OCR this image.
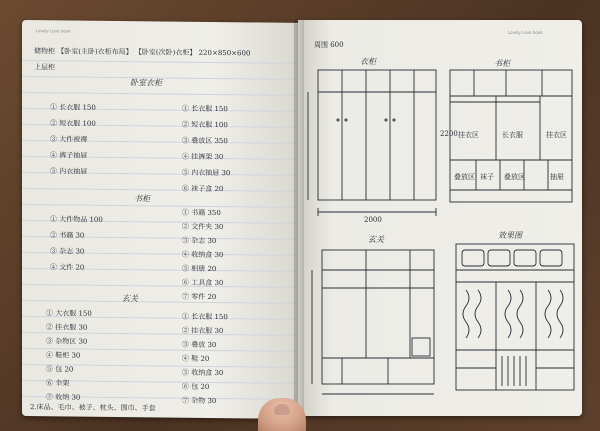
Lovely Love book
储物柜 【卧室(主卧)衣柜布局】 【卧室(次卧)衣柜】 220×850×600
上层柜
卧室衣柜
① 长衣服 150
② 短衣服 100
③ 大件被褥
④ 裤子抽屉
⑤ 内衣抽屉
① 长衣服 150
② 短衣服 100
③ 叠放区 350
④ 挂裤架 30
⑤ 内衣抽屉 30
⑥ 袜子盒 20
书柜
① 大件物品 100
② 书籍 30
③ 杂志 30
④ 文件 20
① 书籍 350
② 文件夹 30
③ 杂志 30
④ 收纳盒 30
⑤ 相册 20
⑥ 工具盒 30
⑦ 零件 20
玄关
① 大衣服 150
② 挂衣服 30
③ 杂物区 30
④ 鞋柜 30
⑤ 包 20
⑥ 伞架
⑦ 收纳 30
① 长衣服 150
② 挂衣服 30
③ 叠放 30
④ 鞋 20
⑤ 收纳盒 30
⑥ 包 20
⑦ 杂物 30
2.床品、毛巾、被子、枕头、围巾、手套
Lovely Love book
周围 600
衣柜
2200
2000
书柜
挂衣区	长衣服	挂衣区
叠放区 袜子 叠放区	抽屉
玄关	效果图
